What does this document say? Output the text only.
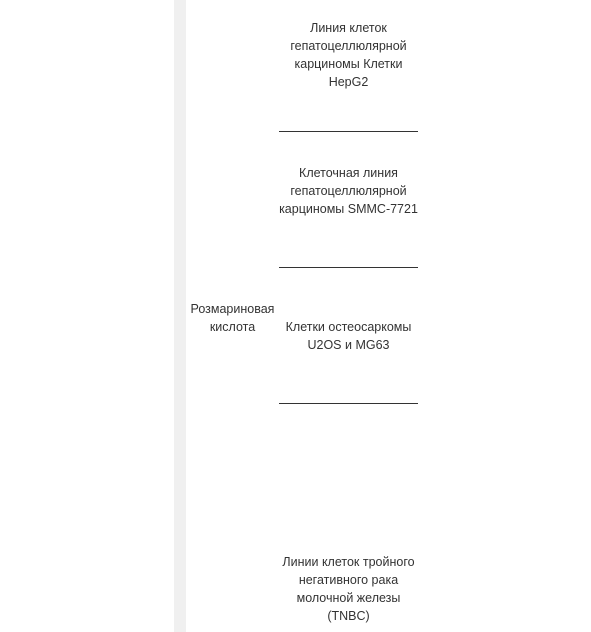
Розмариновая кислота
Линия клеток гепатоцеллюлярной карциномы Клетки HepG2
Клеточная линия гепатоцеллюлярной карциномы SMMC-7721
Клетки остеосаркомы U2OS и MG63
Линии клеток тройного негативного рака молочной железы (TNBC)
